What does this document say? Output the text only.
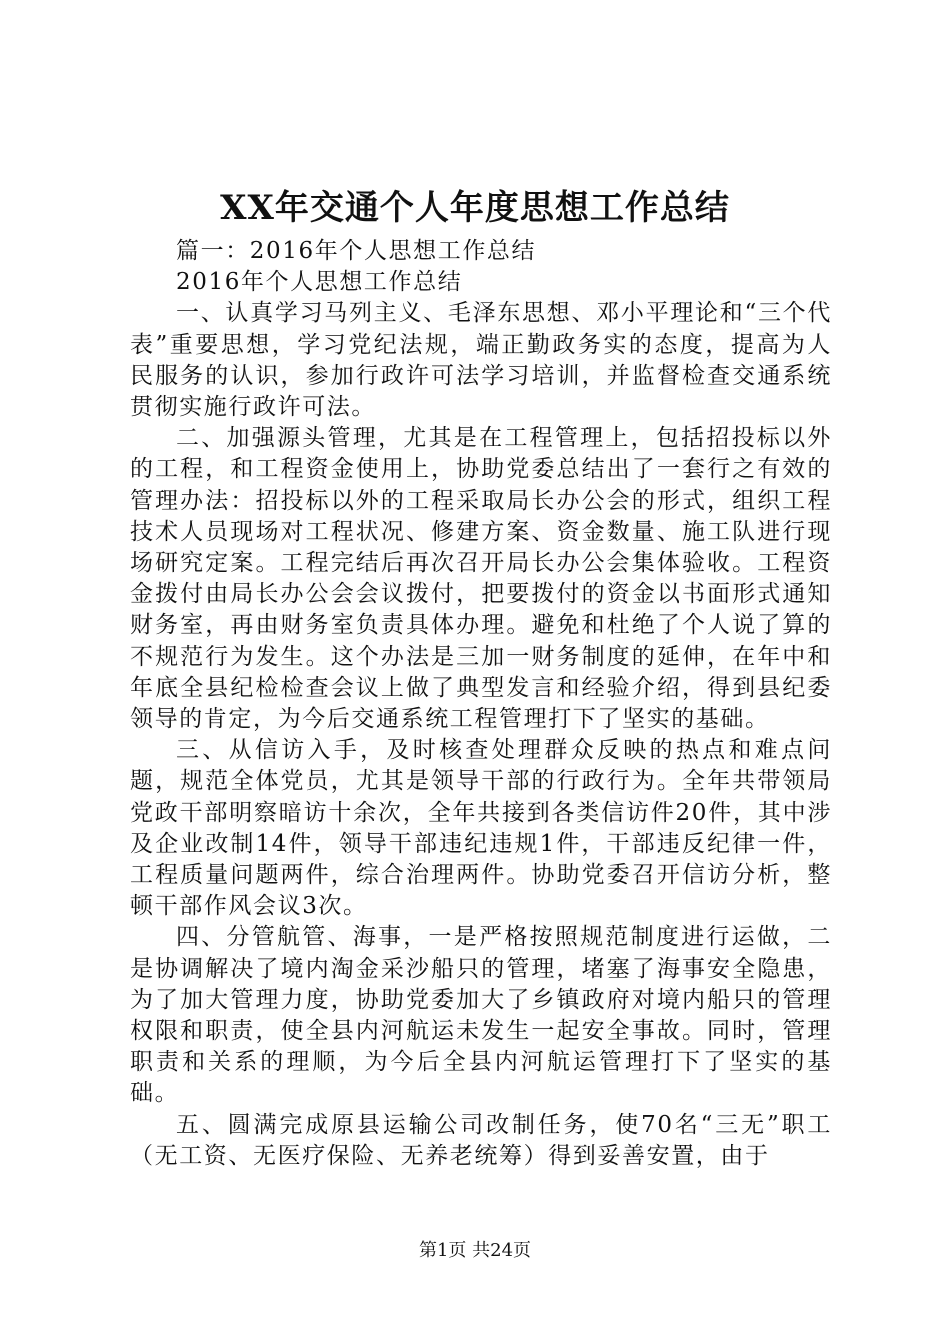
XX年交通个人年度思想工作总结

篇一：2016年个人思想工作总结

2016年个人思想工作总结

一、认真学习马列主义、毛泽东思想、邓小平理论和“三个代表”重要思想，学习党纪法规，端正勤政务实的态度，提高为人民服务的认识，参加行政许可法学习培训，并监督检查交通系统贯彻实施行政许可法。

二、加强源头管理，尤其是在工程管理上，包括招投标以外的工程，和工程资金使用上，协助党委总结出了一套行之有效的管理办法：招投标以外的工程采取局长办公会的形式，组织工程技术人员现场对工程状况、修建方案、资金数量、施工队进行现场研究定案。工程完结后再次召开局长办公会集体验收。工程资金拨付由局长办公会会议拨付，把要拨付的资金以书面形式通知财务室，再由财务室负责具体办理。避免和杜绝了个人说了算的不规范行为发生。这个办法是三加一财务制度的延伸，在年中和年底全县纪检检查会议上做了典型发言和经验介绍，得到县纪委领导的肯定，为今后交通系统工程管理打下了坚实的基础。

三、从信访入手，及时核查处理群众反映的热点和难点问题，规范全体党员，尤其是领导干部的行政行为。全年共带领局党政干部明察暗访十余次，全年共接到各类信访件20件，其中涉及企业改制14件，领导干部违纪违规1件，干部违反纪律一件，工程质量问题两件，综合治理两件。协助党委召开信访分析，整顿干部作风会议3次。

四、分管航管、海事，一是严格按照规范制度进行运做，二是协调解决了境内淘金采沙船只的管理，堵塞了海事安全隐患，为了加大管理力度，协助党委加大了乡镇政府对境内船只的管理权限和职责，使全县内河航运未发生一起安全事故。同时，管理职责和关系的理顺，为今后全县内河航运管理打下了坚实的基础。

五、圆满完成原县运输公司改制任务，使70名“三无”职工（无工资、无医疗保险、无养老统筹）得到妥善安置，由于

第1页 共24页
